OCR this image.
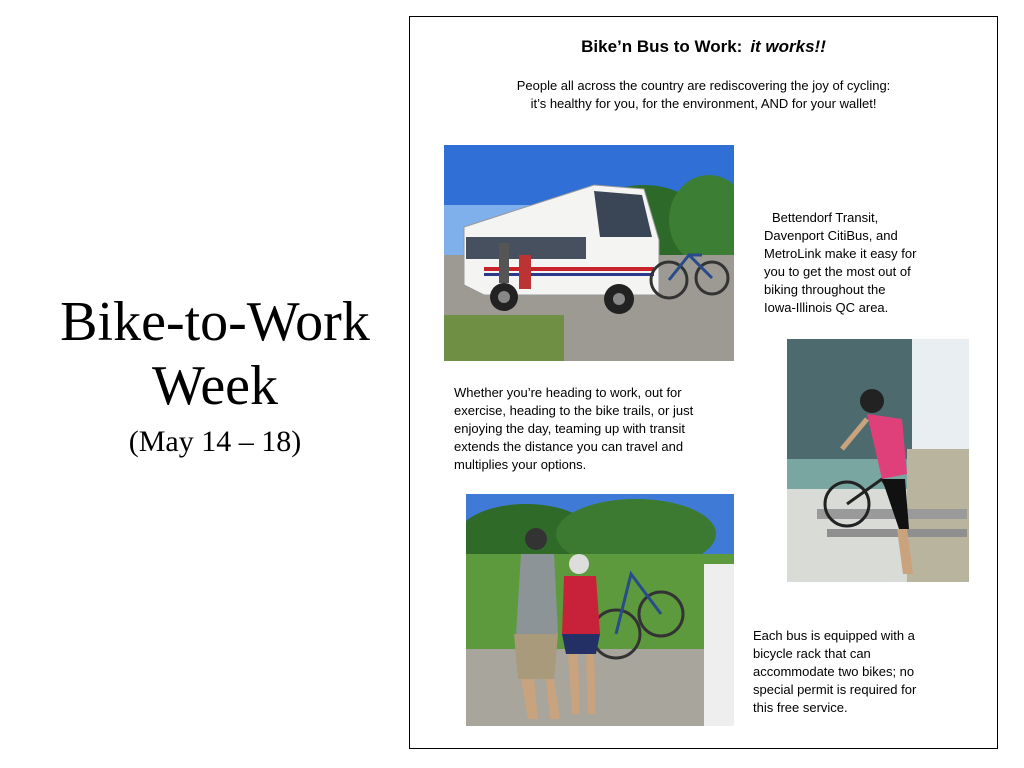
Bike-to-Work
Week
(May 14 – 18)
Bike’n Bus to Work: it works!!
People all across the country are rediscovering the joy of cycling:
it’s healthy for you, for the environment, AND for your wallet!
Bettendorf Transit,
Davenport CitiBus, and
MetroLink make it easy for
you to get the most out of
biking throughout the
Iowa-Illinois QC area.
Whether you’re heading to work, out for
exercise, heading to the bike trails, or just
enjoying the day, teaming up with transit
extends the distance you can travel and
multiplies your options.
Each bus is equipped with a
bicycle rack that can
accommodate two bikes; no
special permit is required for
this free service.
